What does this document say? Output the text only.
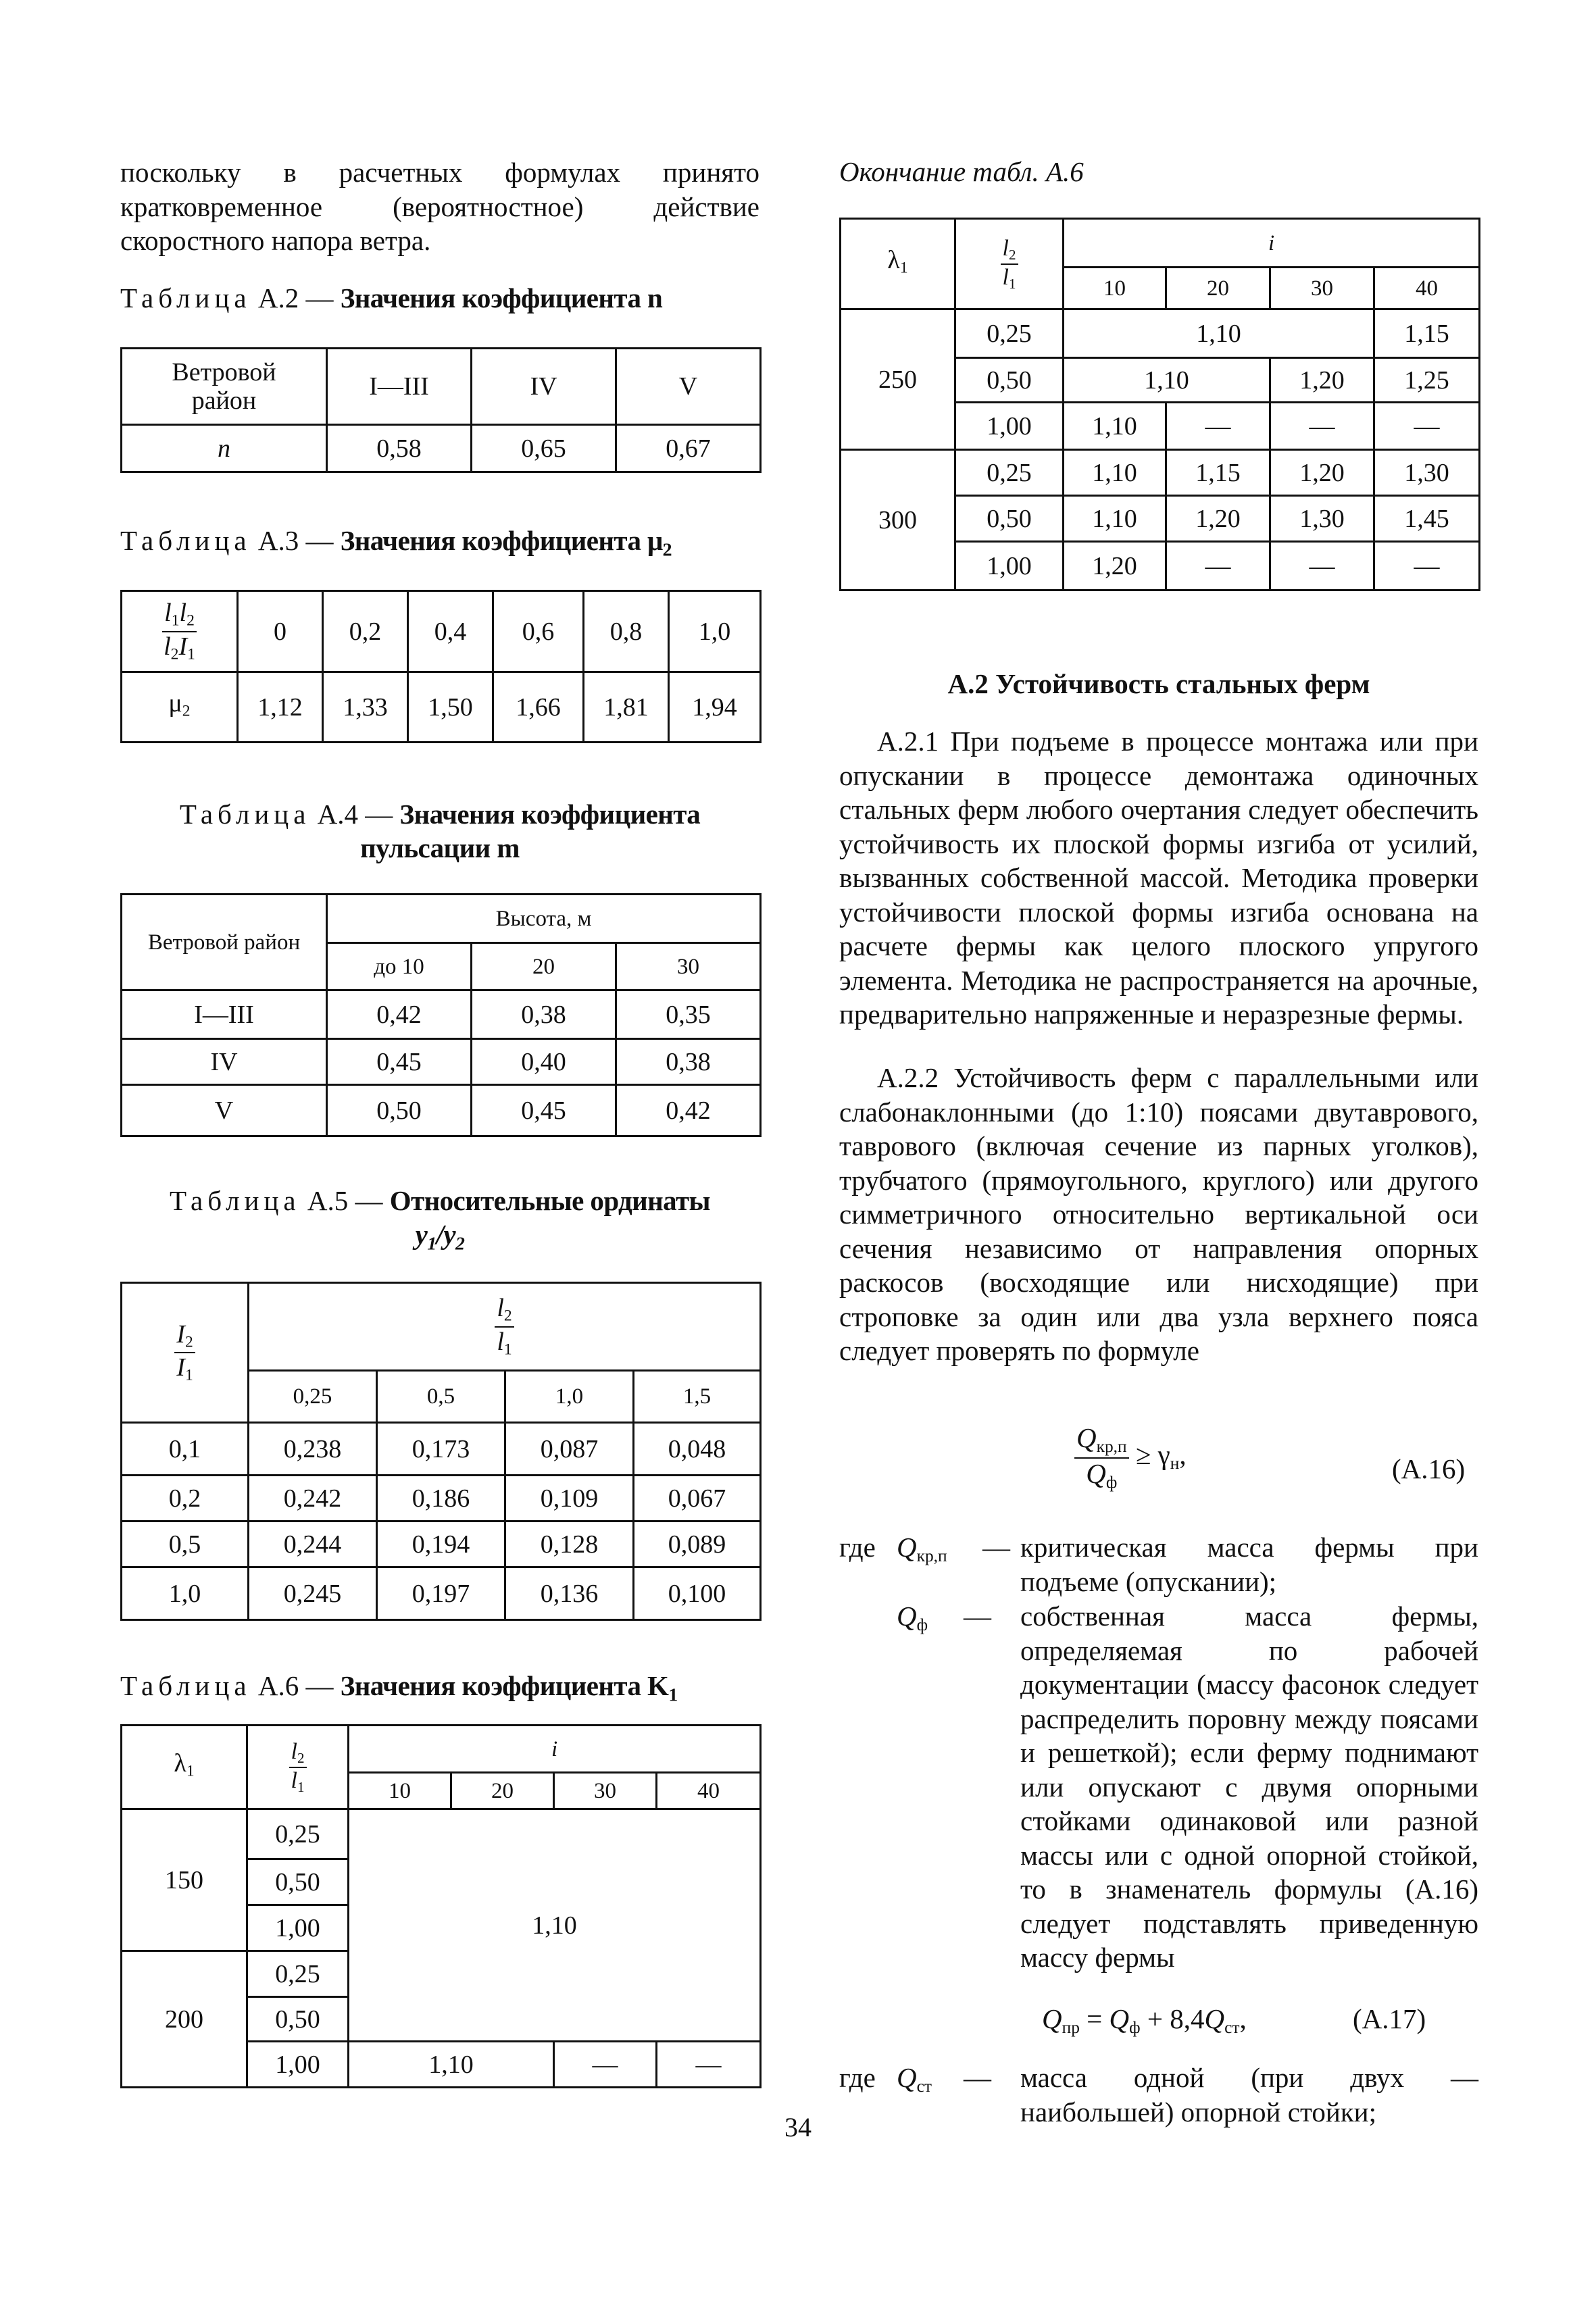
поскольку в расчетных формулах принято кратковременное (вероятностное) действие скоростного напора ветра.

Таблица А.2 — Значения коэффициента n
Ветровой район	I—III	IV	V
n	0,58	0,65	0,67
Таблица А.3 — Значения коэффициента $\mu_2$
$\frac{l1l2}{l2I1}$	0	0,2	0,4	0,6	0,8	1,0
μ2	1,12	1,33	1,50	1,66	1,81	1,94
Таблица А.4 — Значения коэффициента
пульсации m
Ветровой район	Высота, м		
	до 10	20	30
I—III	0,42	0,38	0,35
IV	0,45	0,40	0,38
V	0,50	0,45	0,42
Таблица А.5 — Относительные ординаты
$y_1/y_2$
$\frac{I2}{I1}$	$\frac{l2}{l1}$

	0,25	0,5	1,0	1,5
0,1	0,238	0,173	0,087	0,048
0,2	0,242	0,186	0,109	0,067
0,5	0,244	0,194	0,128	0,089
1,0	0,245	0,197	0,136	0,100
Таблица А.6 — Значения коэффициента $K_1$
λ1	$\frac{l2}{l1}$	i			
		10	20	30	40
150	0,25	1,10			
	0,50				
	1,00				
200	0,25				
	0,50				
	1,00	1,10		—	—
Окончание табл. А.6
λ1	$\frac{l2}{l1}$	i			
		10	20	30	40
250	0,25	1,10			1,15
	0,50	1,10		1,20	1,25
	1,00	1,10	—	—	—
300	0,25	1,10	1,15	1,20	1,30
	0,50	1,10	1,20	1,30	1,45
	1,00	1,20	—	—	—
А.2 Устойчивость стальных ферм

А.2.1 При подъеме в процессе монтажа или при опускании в процессе демонтажа одиночных стальных ферм любого очертания следует обеспечить устойчивость их плоской формы изгиба от усилий, вызванных собственной массой. Методика проверки устойчивости плоской формы изгиба основана на расчете фермы как целого плоского упругого элемента. Методика не распространяется на арочные, предварительно напряженные и неразрезные фермы.

А.2.2 Устойчивость ферм с параллельными или слабонаклонными (до 1:10) поясами двутаврового, таврового (включая сечение из парных уголков), трубчатого (прямоугольного, круглого) или другого симметричного относительно вертикальной оси сечения независимо от направления опорных раскосов (восходящие или нисходящие) при строповке за один или два узла верхнего пояса следует проверять по формуле

$\frac{\text{Qкр,п}}{Qф} \ge \gamma н$,	(А.16)
где Qкр,п — критическая масса фермы при подъеме (опускании);
Qф — собственная масса фермы, определяемая по рабочей документации (массу фасонок следует распределить поровну между поясами и решеткой); если ферму поднимают или опускают с двумя опорными стойками одинаковой или разной массы или с одной опорной стойкой, то в знаменатель формулы (А.16) следует подставлять приведенную массу фермы
Qпр = Qф + 8,4Qст,	(А.17)
где Qст — масса одной (при двух — наибольшей) опорной стойки;
34
